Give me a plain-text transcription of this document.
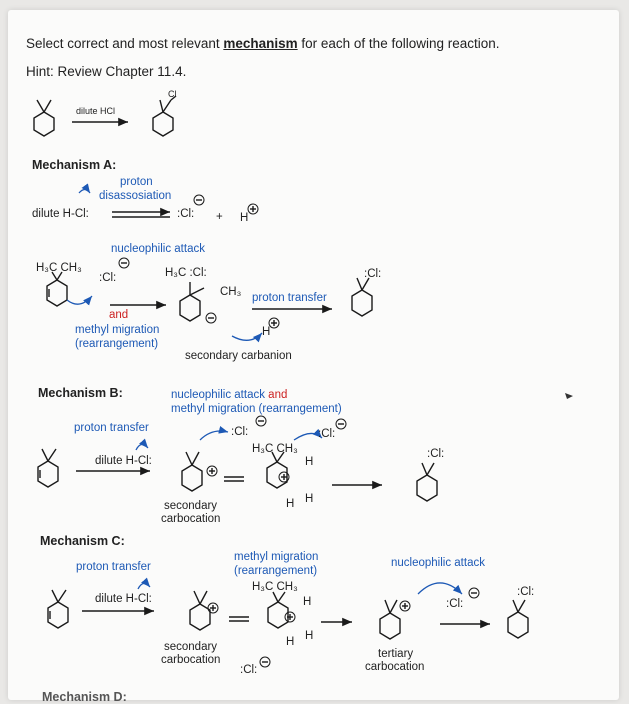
Select correct and most relevant mechanism for each of the following reaction.
Hint: Review Chapter 11.4.
dilute HCl
Cl
Mechanism A:
proton
disassosiation
dilute H-Cl:	:Cl: + H
nucleophilic attack
H₃C CH₃
:Cl:	H₃C :Cl:
CH₃
and
methyl migration
(rearrangement)
proton transfer
H
secondary carbanion
:Cl:
Mechanism B:	nucleophilic attack and
methyl migration (rearrangement)
proton transfer
dilute H-Cl:
:Cl:	:Cl:
H₃C CH₃
H
H
H
secondary
carbocation
:Cl:
Mechanism C:
proton transfer
dilute H-Cl:
methyl migration
(rearrangement)
H₃C CH₃
H
H
H
secondary
carbocation
:Cl:
nucleophilic attack
:Cl:
tertiary
carbocation
:Cl:
Mechanism D:
